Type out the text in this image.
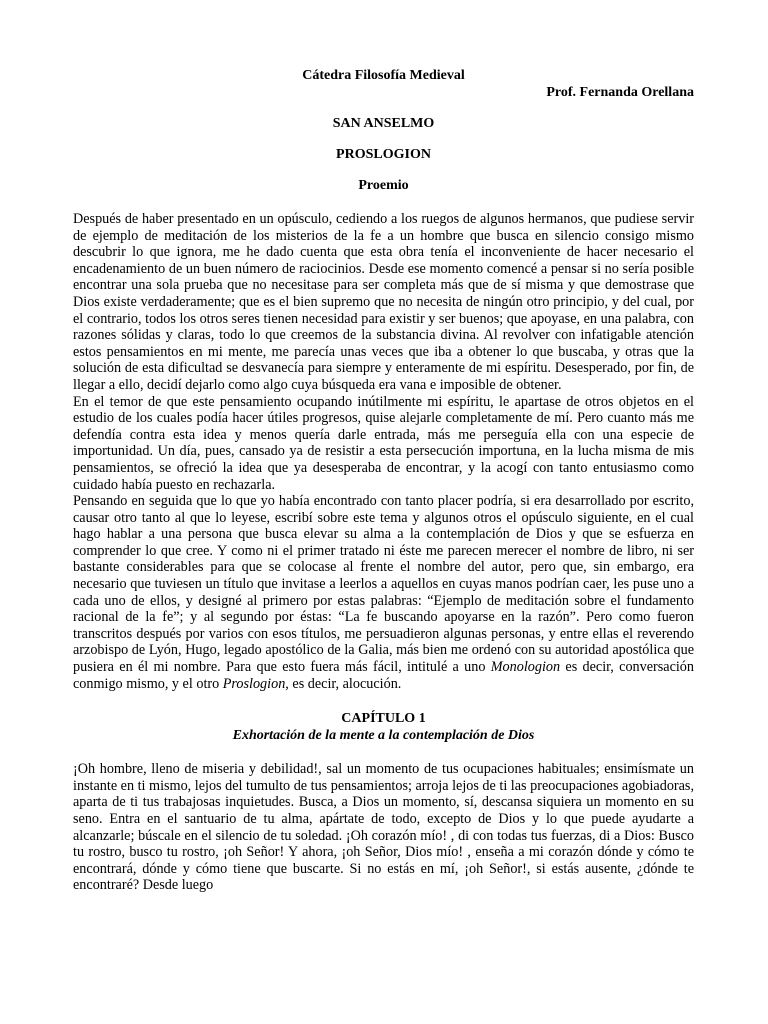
Cátedra Filosofía Medieval

Prof. Fernanda Orellana

SAN ANSELMO

PROSLOGION

Proemio

Después de haber presentado en un opúsculo, cediendo a los ruegos de algunos hermanos, que pudiese servir de ejemplo de meditación de los misterios de la fe a un hombre que busca en silencio consigo mismo descubrir lo que ignora, me he dado cuenta que esta obra tenía el inconveniente de hacer necesario el encadenamiento de un buen número de raciocinios. Desde ese momento comencé a pensar si no sería posible encontrar una sola prueba que no necesitase para ser completa más que de sí misma y que demostrase que Dios existe verdaderamente; que es el bien supremo que no necesita de ningún otro principio, y del cual, por el contrario, todos los otros seres tienen necesidad para existir y ser buenos; que apoyase, en una palabra, con razones sólidas y claras, todo lo que creemos de la substancia divina. Al revolver con infatigable atención estos pensamientos en mi mente, me parecía unas veces que iba a obtener lo que buscaba, y otras que la solución de esta dificultad se desvanecía para siempre y enteramente de mi espíritu. Desesperado, por fin, de llegar a ello, decidí dejarlo como algo cuya búsqueda era vana e imposible de obtener.

En el temor de que este pensamiento ocupando inútilmente mi espíritu, le apartase de otros objetos en el estudio de los cuales podía hacer útiles progresos, quise alejarle completamente de mí. Pero cuanto más me defendía contra esta idea y menos quería darle entrada, más me perseguía ella con una especie de importunidad. Un día, pues, cansado ya de resistir a esta persecución importuna, en la lucha misma de mis pensamientos, se ofreció la idea que ya desesperaba de encontrar, y la acogí con tanto entusiasmo como cuidado había puesto en rechazarla.

Pensando en seguida que lo que yo había encontrado con tanto placer podría, si era desarrollado por escrito, causar otro tanto al que lo leyese, escribí sobre este tema y algunos otros el opúsculo siguiente, en el cual hago hablar a una persona que busca elevar su alma a la contemplación de Dios y que se esfuerza en comprender lo que cree. Y como ni el primer tratado ni éste me parecen merecer el nombre de libro, ni ser bastante considerables para que se colocase al frente el nombre del autor, pero que, sin embargo, era necesario que tuviesen un título que invitase a leerlos a aquellos en cuyas manos podrían caer, les puse uno a cada uno de ellos, y designé al primero por estas palabras: “Ejemplo de meditación sobre el fundamento racional de la fe”; y al segundo por éstas: “La fe buscando apoyarse en la razón”. Pero como fueron transcritos después por varios con esos títulos, me persuadieron algunas personas, y entre ellas el reverendo arzobispo de Lyón, Hugo, legado apostólico de la Galia, más bien me ordenó con su autoridad apostólica que pusiera en él mi nombre. Para que esto fuera más fácil, intitulé a uno Monologion es decir, conversación conmigo mismo, y el otro Proslogion, es decir, alocución.

CAPÍTULO 1

Exhortación de la mente a la contemplación de Dios

¡Oh hombre, lleno de miseria y debilidad!, sal un momento de tus ocupaciones habituales; ensimísmate un instante en ti mismo, lejos del tumulto de tus pensamientos; arroja lejos de ti las preocupaciones agobiadoras, aparta de ti tus trabajosas inquietudes. Busca, a Dios un momento, sí, descansa siquiera un momento en su seno. Entra en el santuario de tu alma, apártate de todo, excepto de Dios y lo que puede ayudarte a alcanzarle; búscale en el silencio de tu soledad. ¡Oh corazón mío! , di con todas tus fuerzas, di a Dios: Busco tu rostro, busco tu rostro, ¡oh Señor! Y ahora, ¡oh Señor, Dios mío! , enseña a mi corazón dónde y cómo te encontrará, dónde y cómo tiene que buscarte. Si no estás en mí, ¡oh Señor!, si estás ausente, ¿dónde te encontraré? Desde luego
